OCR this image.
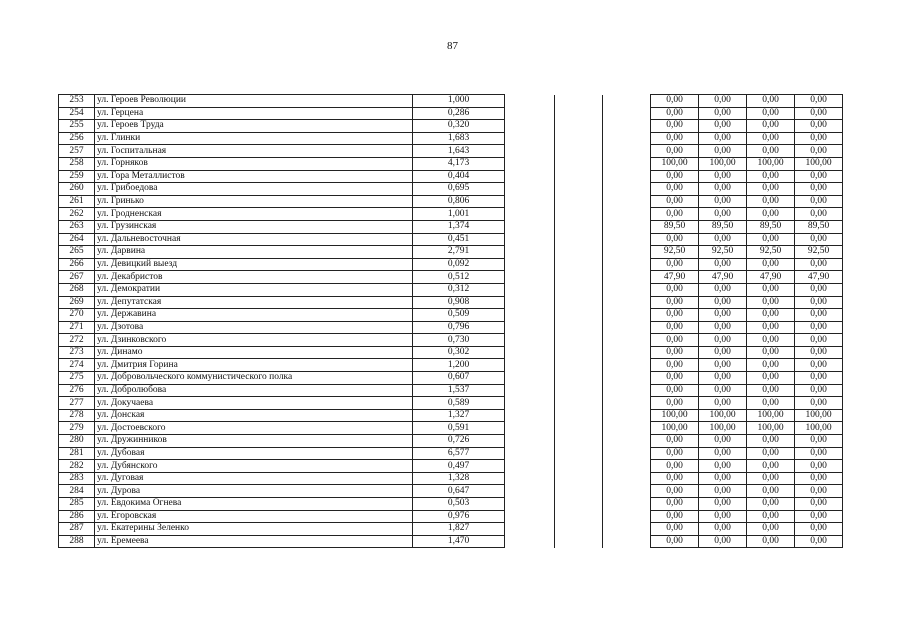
87
253	ул. Героев Революции	1,000				0,00	0,00	0,00	0,00
254	ул. Герцена	0,286				0,00	0,00	0,00	0,00
255	ул. Героев Труда	0,320				0,00	0,00	0,00	0,00
256	ул. Глинки	1,683				0,00	0,00	0,00	0,00
257	ул. Госпитальная	1,643				0,00	0,00	0,00	0,00
258	ул. Горняков	4,173				100,00	100,00	100,00	100,00
259	ул. Гора Металлистов	0,404				0,00	0,00	0,00	0,00
260	ул. Грибоедова	0,695				0,00	0,00	0,00	0,00
261	ул. Гринько	0,806				0,00	0,00	0,00	0,00
262	ул. Гродненская	1,001				0,00	0,00	0,00	0,00
263	ул. Грузинская	1,374				89,50	89,50	89,50	89,50
264	ул. Дальневосточная	0,451				0,00	0,00	0,00	0,00
265	ул. Дарвина	2,791				92,50	92,50	92,50	92,50
266	ул. Девицкий выезд	0,092				0,00	0,00	0,00	0,00
267	ул. Декабристов	0,512				47,90	47,90	47,90	47,90
268	ул. Демократии	0,312				0,00	0,00	0,00	0,00
269	ул. Депутатская	0,908				0,00	0,00	0,00	0,00
270	ул. Державина	0,509				0,00	0,00	0,00	0,00
271	ул. Дзотова	0,796				0,00	0,00	0,00	0,00
272	ул. Дзинковского	0,730				0,00	0,00	0,00	0,00
273	ул. Динамо	0,302				0,00	0,00	0,00	0,00
274	ул. Дмитрия Горина	1,200				0,00	0,00	0,00	0,00
275	ул. Добровольческого коммунистического полка	0,607				0,00	0,00	0,00	0,00
276	ул. Добролюбова	1,537				0,00	0,00	0,00	0,00
277	ул. Докучаева	0,589				0,00	0,00	0,00	0,00
278	ул. Донская	1,327				100,00	100,00	100,00	100,00
279	ул. Достоевского	0,591				100,00	100,00	100,00	100,00
280	ул. Дружинников	0,726				0,00	0,00	0,00	0,00
281	ул. Дубовая	6,577				0,00	0,00	0,00	0,00
282	ул. Дубянского	0,497				0,00	0,00	0,00	0,00
283	ул. Дуговая	1,328				0,00	0,00	0,00	0,00
284	ул. Дурова	0,647				0,00	0,00	0,00	0,00
285	ул. Евдокима Огнева	0,503				0,00	0,00	0,00	0,00
286	ул. Егоровская	0,976				0,00	0,00	0,00	0,00
287	ул. Екатерины Зеленко	1,827				0,00	0,00	0,00	0,00
288	ул. Еремеева	1,470				0,00	0,00	0,00	0,00
